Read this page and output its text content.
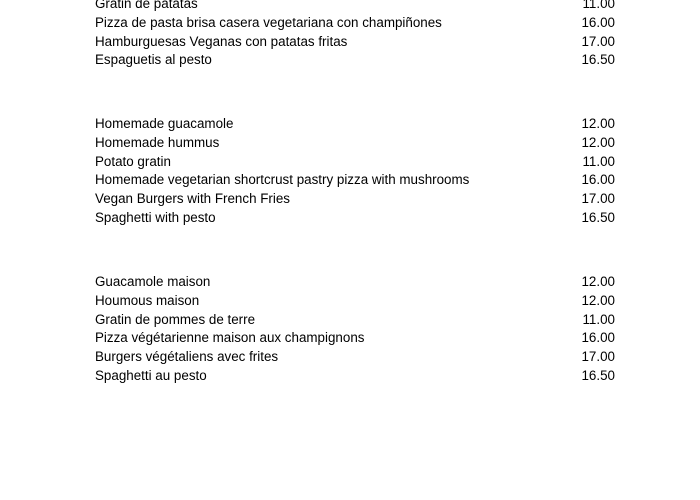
Gratin de patatas	11.00
Pizza de pasta brisa casera vegetariana con champiñones	16.00
Hamburguesas Veganas con patatas fritas	17.00
Espaguetis al pesto	16.50
Homemade guacamole	12.00
Homemade hummus	12.00
Potato gratin	11.00
Homemade vegetarian shortcrust pastry pizza with mushrooms	16.00
Vegan Burgers with French Fries	17.00
Spaghetti with pesto	16.50
Guacamole maison	12.00
Houmous maison	12.00
Gratin de pommes de terre	11.00
Pizza végétarienne maison aux champignons	16.00
Burgers végétaliens avec frites	17.00
Spaghetti au pesto	16.50
